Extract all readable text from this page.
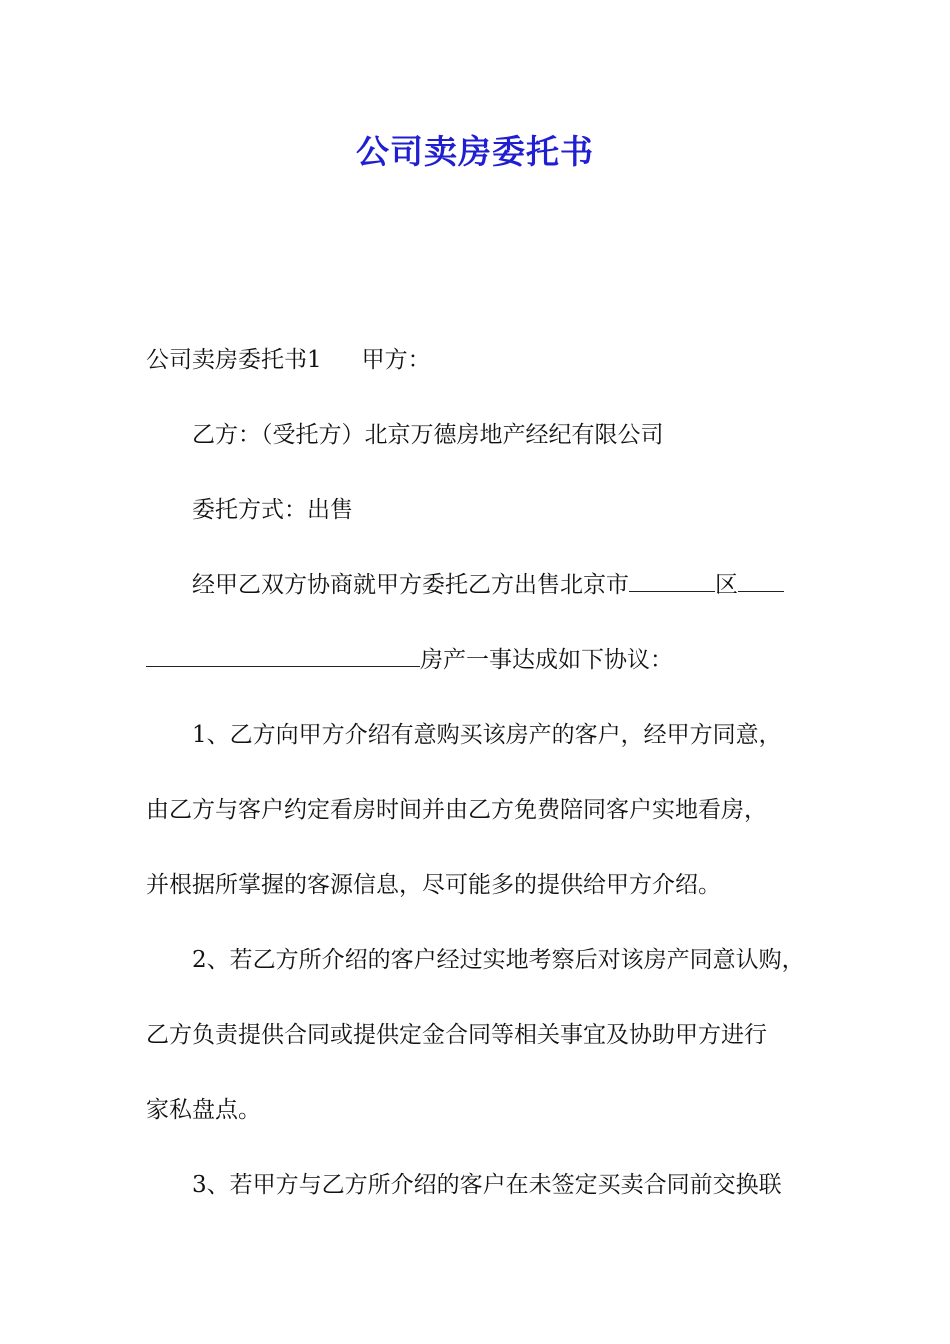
公司卖房委托书
公司卖房委托书1 甲方：
乙方：（受托方）北京万德房地产经纪有限公司
委托方式：出售
经甲乙双方协商就甲方委托乙方出售北京市	区
房产一事达成如下协议：
1、乙方向甲方介绍有意购买该房产的客户，经甲方同意，
由乙方与客户约定看房时间并由乙方免费陪同客户实地看房，
并根据所掌握的客源信息，尽可能多的提供给甲方介绍。
2、若乙方所介绍的客户经过实地考察后对该房产同意认购，
乙方负责提供合同或提供定金合同等相关事宜及协助甲方进行
家私盘点。
3、若甲方与乙方所介绍的客户在未签定买卖合同前交换联
